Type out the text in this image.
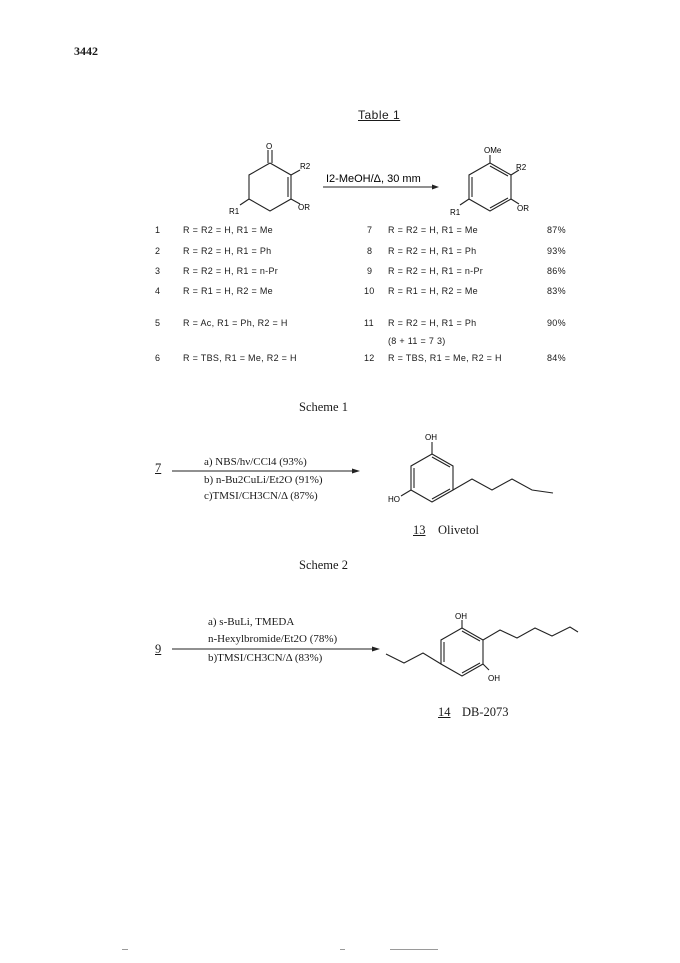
3442
Table 1
O
R2
R1	OR
I2-MeOH/Δ, 30 mm
OMe
R2
R1	OR
1	R = R2 = H, R1 = Me	7 R = R2 = H, R1 = Me	87%
2	R = R2 = H, R1 = Ph	8 R = R2 = H, R1 = Ph	93%
3	R = R2 = H, R1 = n-Pr	9 R = R2 = H, R1 = n-Pr	86%
4	R = R1 = H, R2 = Me	10 R = R1 = H, R2 = Me	83%
5	R = Ac, R1 = Ph, R2 = H	11 R = R2 = H, R1 = Ph	90%
(8 + 11 = 7 3)
6	R = TBS, R1 = Me, R2 = H	12 R = TBS, R1 = Me, R2 = H	84%
Scheme 1
7	a) NBS/hν/CCl4 (93%)
b) n-Bu2CuLi/Et2O (91%)
c)TMSI/CH3CN/Δ (87%)
OH
HO
13 Olivetol
Scheme 2
9
a) s-BuLi, TMEDA
n-Hexylbromide/Et2O (78%)
b)TMSI/CH3CN/Δ (83%)
OH
OH
14 DB-2073
